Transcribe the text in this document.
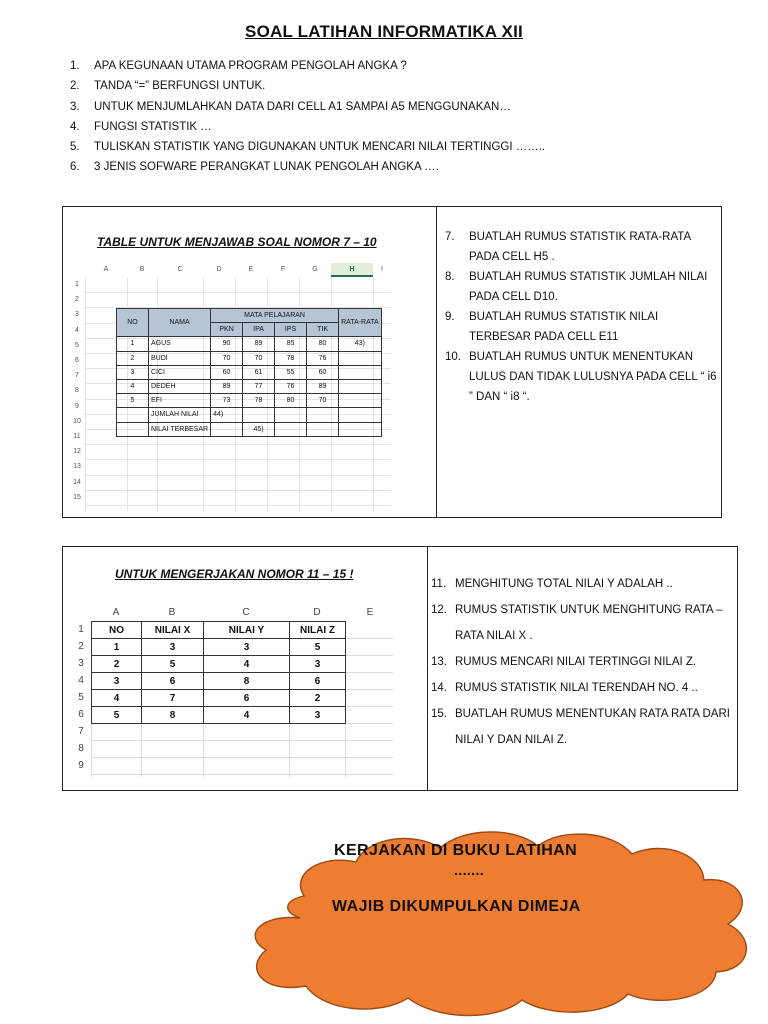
SOAL LATIHAN INFORMATIKA XII
1. APA KEGUNAAN UTAMA PROGRAM PENGOLAH ANGKA ?
2. TANDA “=” BERFUNGSI UNTUK.
3. UNTUK MENJUMLAHKAN DATA DARI CELL A1 SAMPAI A5 MENGGUNAKAN…
4. FUNGSI STATISTIK …
5. TULISKAN STATISTIK YANG DIGUNAKAN UNTUK MENCARI NILAI TERTINGGI ……..
6. 3 JENIS SOFWARE PERANGKAT LUNAK PENGOLAH ANGKA ….
TABLE UNTUK MENJAWAB SOAL NOMOR 7 – 10
A	B	C	D	E	F	G	H	I
1
2
3
4
5
6
7
8
9
10
11
12
13
14
15
NO	NAMA	MATA PELAJARAN				RATA-RATA
		PKN	IPA	IPS	TIK	
1	AGUS	90	89	85	80	43)
2	BUDI	70	70	78	76	
3	CICI	60	61	55	60	
4	DEDEH	89	77	76	89	
5	EFI	73	78	80	70	
	JUMLAH NILAI	44)				
	NILAI TERBESAR		45)			
7.	BUATLAH RUMUS STATISTIK RATA-RATA PADA CELL H5 .
8.	BUATLAH RUMUS STATISTIK JUMLAH NILAI PADA CELL D10.
9.	BUATLAH RUMUS STATISTIK NILAI TERBESAR PADA CELL E11
10. BUATLAH RUMUS UNTUK MENENTUKAN LULUS DAN TIDAK LULUSNYA PADA CELL “ i6 ” DAN “ i8 “.
UNTUK MENGERJAKAN NOMOR 11 – 15 !
A	B	C	D	E
1
2
3
4
5
6
7
8
9
NO	NILAI X	NILAI Y	NILAI Z
1	3	3	5
2	5	4	3
3	6	8	6
4	7	6	2
5	8	4	3
11. MENGHITUNG TOTAL NILAI Y ADALAH ..
12. RUMUS STATISTIK UNTUK MENGHITUNG RATA – RATA NILAI X .
13. RUMUS MENCARI NILAI TERTINGGI NILAI Z.
14. RUMUS STATISTIK NILAI TERENDAH NO. 4 ..
15. BUATLAH RUMUS MENENTUKAN RATA RATA DARI NILAI Y DAN NILAI Z.
KERJAKAN DI BUKU LATIHAN
.......
WAJIB DIKUMPULKAN DIMEJA
